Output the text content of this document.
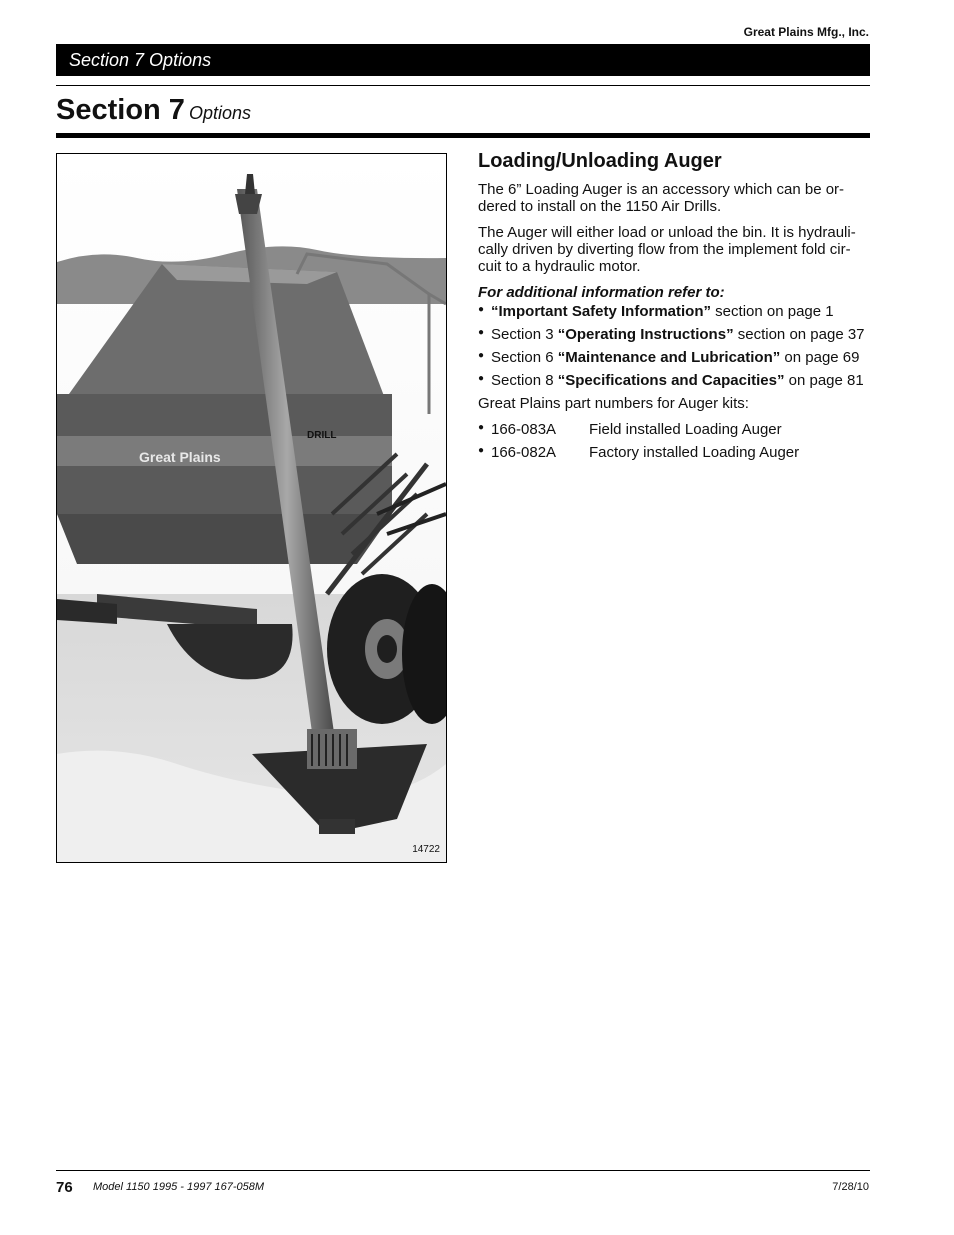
Great Plains Mfg., Inc.
Section 7 Options
Section 7 Options
Great Plains
DRILL
14722
Loading/Unloading Auger

The 6” Loading Auger is an accessory which can be or-dered to install on the 1150 Air Drills.

The Auger will either load or unload the bin. It is hydrauli-cally driven by diverting flow from the implement fold cir-cuit to a hydraulic motor.

For additional information refer to:
● “Important Safety Information” section on page 1
● Section 3 “Operating Instructions” section on page 37
● Section 6 “Maintenance and Lubrication” on page 69
● Section 8 “Specifications and Capacities” on page 81

Great Plains part numbers for Auger kits:

● 166-083A Field installed Loading Auger
● 166-082A Factory installed Loading Auger
76 Model 1150 1995 - 1997 167-058M	7/28/10
